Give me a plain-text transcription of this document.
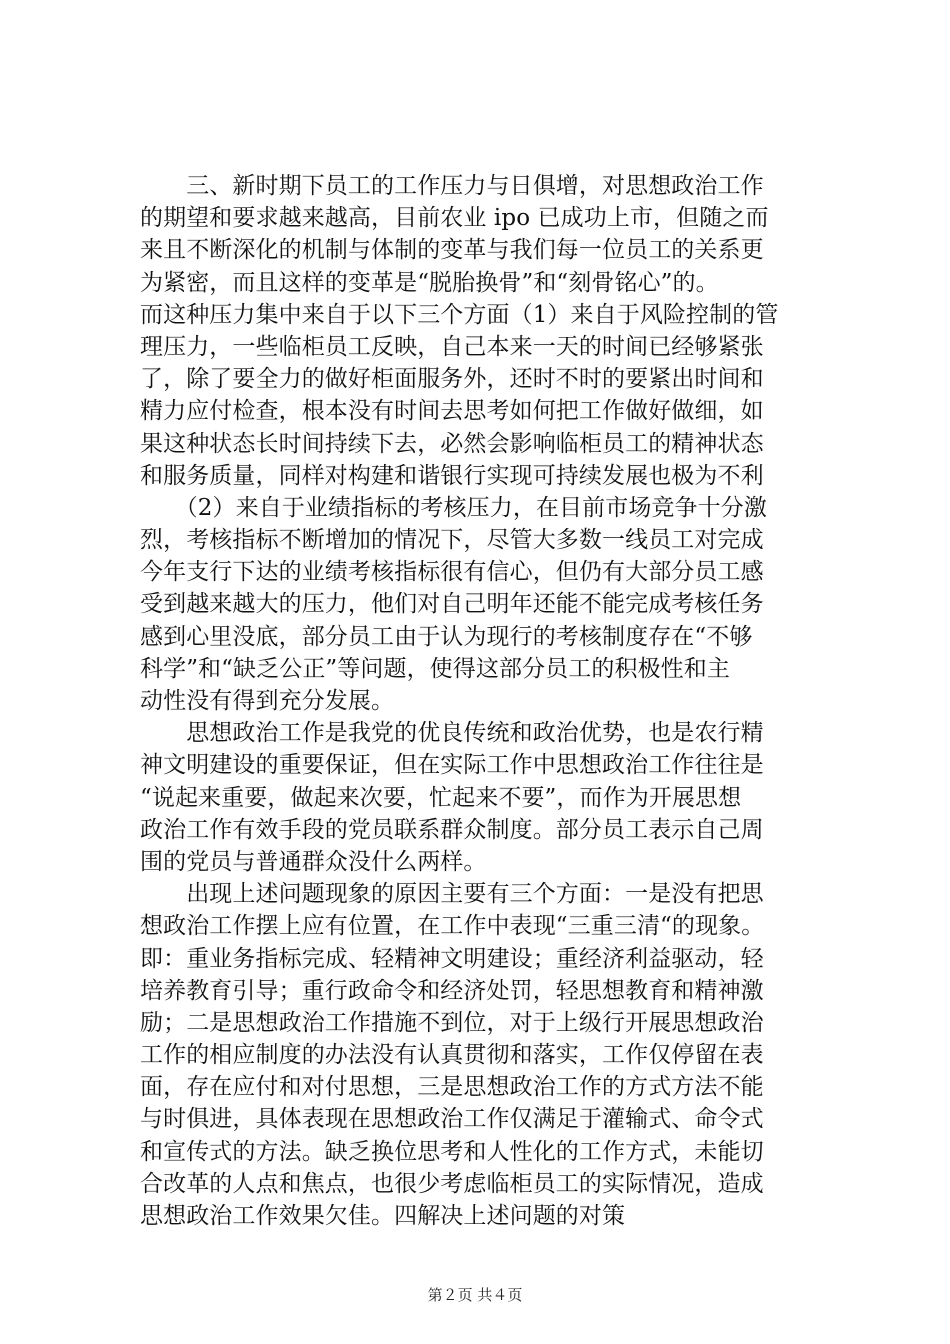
　　三、新时期下员工的工作压力与日俱增，对思想政治工作
的期望和要求越来越高，目前农业 ipo 已成功上市，但随之而
来且不断深化的机制与体制的变革与我们每一位员工的关系更
为紧密，而且这样的变革是“脱胎换骨”和“刻骨铭心”的。
而这种压力集中来自于以下三个方面（1）来自于风险控制的管
理压力，一些临柜员工反映，自己本来一天的时间已经够紧张
了，除了要全力的做好柜面服务外，还时不时的要紧出时间和
精力应付检查，根本没有时间去思考如何把工作做好做细，如
果这种状态长时间持续下去，必然会影响临柜员工的精神状态
和服务质量，同样对构建和谐银行实现可持续发展也极为不利
　　（2）来自于业绩指标的考核压力，在目前市场竞争十分激
烈，考核指标不断增加的情况下，尽管大多数一线员工对完成
今年支行下达的业绩考核指标很有信心，但仍有大部分员工感
受到越来越大的压力，他们对自己明年还能不能完成考核任务
感到心里没底，部分员工由于认为现行的考核制度存在“不够
科学”和“缺乏公正”等问题，使得这部分员工的积极性和主
动性没有得到充分发展。
　　思想政治工作是我党的优良传统和政治优势，也是农行精
神文明建设的重要保证，但在实际工作中思想政治工作往往是
“说起来重要，做起来次要，忙起来不要”，而作为开展思想
政治工作有效手段的党员联系群众制度。部分员工表示自己周
围的党员与普通群众没什么两样。
　　出现上述问题现象的原因主要有三个方面：一是没有把思
想政治工作摆上应有位置，在工作中表现“三重三清“的现象。
即：重业务指标完成、轻精神文明建设；重经济利益驱动，轻
培养教育引导；重行政命令和经济处罚，轻思想教育和精神激
励；二是思想政治工作措施不到位，对于上级行开展思想政治
工作的相应制度的办法没有认真贯彻和落实，工作仅停留在表
面，存在应付和对付思想，三是思想政治工作的方式方法不能
与时俱进，具体表现在思想政治工作仅满足于灌输式、命令式
和宣传式的方法。缺乏换位思考和人性化的工作方式，未能切
合改革的人点和焦点，也很少考虑临柜员工的实际情况，造成
思想政治工作效果欠佳。四解决上述问题的对策
第２页 共４页
